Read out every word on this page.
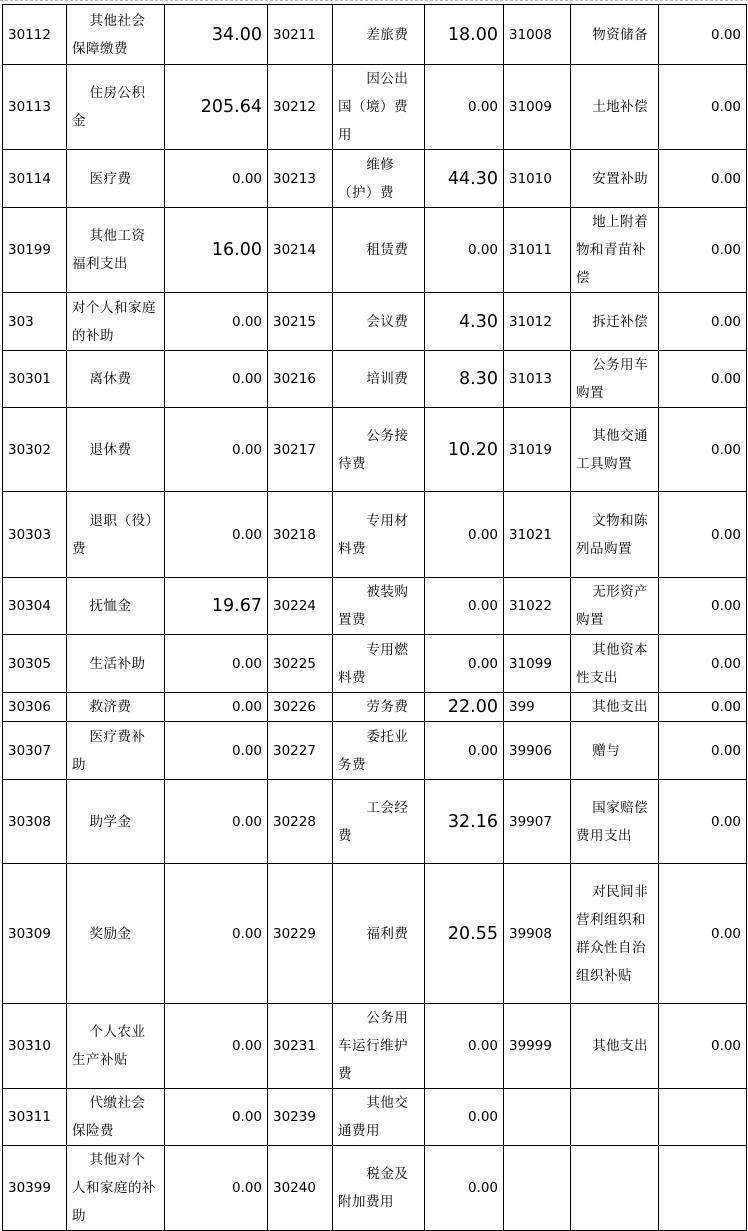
30112	其他社会保障缴费	34.00	30211	差旅费	18.00	31008	物资储备	0.00
30113	住房公积金	205.64	30212	因公出国（境）费用	0.00	31009	土地补偿	0.00
30114	医疗费	0.00	30213	维修（护）费	44.30	31010	安置补助	0.00
30199	其他工资福利支出	16.00	30214	租赁费	0.00	31011	地上附着物和青苗补偿	0.00
303	对个人和家庭的补助	0.00	30215	会议费	4.30	31012	拆迁补偿	0.00
30301	离休费	0.00	30216	培训费	8.30	31013	公务用车购置	0.00
30302	退休费	0.00	30217	公务接待费	10.20	31019	其他交通工具购置	0.00
30303	退职（役）费	0.00	30218	专用材料费	0.00	31021	文物和陈列品购置	0.00
30304	抚恤金	19.67	30224	被装购置费	0.00	31022	无形资产购置	0.00
30305	生活补助	0.00	30225	专用燃料费	0.00	31099	其他资本性支出	0.00
30306	救济费	0.00	30226	劳务费	22.00	399	其他支出	0.00
30307	医疗费补助	0.00	30227	委托业务费	0.00	39906	赠与	0.00
30308	助学金	0.00	30228	工会经费	32.16	39907	国家赔偿费用支出	0.00
30309	奖励金	0.00	30229	福利费	20.55	39908	对民间非营利组织和群众性自治组织补贴	0.00
30310	个人农业生产补贴	0.00	30231	公务用车运行维护费	0.00	39999	其他支出	0.00
30311	代缴社会保险费	0.00	30239	其他交通费用	0.00		

30399	其他对个人和家庭的补助	0.00	30240	税金及附加费用	0.00		
